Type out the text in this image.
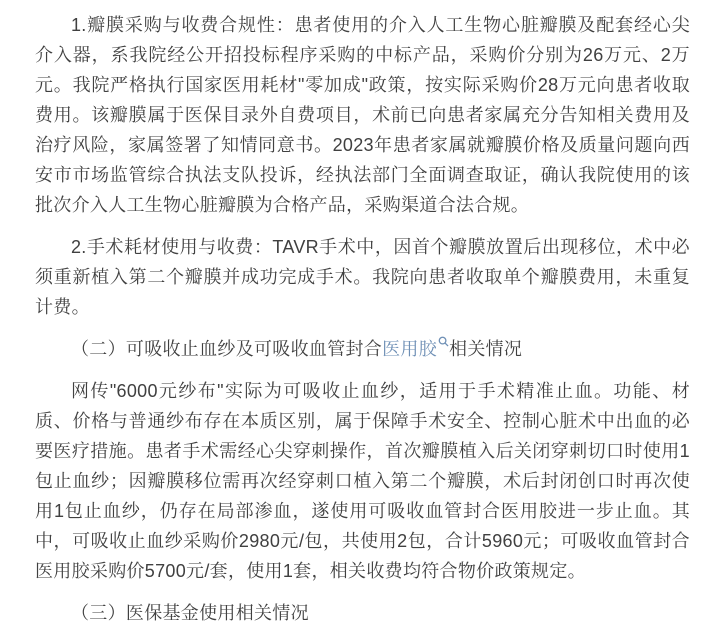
1.瓣膜采购与收费合规性：患者使用的介入人工生物心脏瓣膜及配套经心尖介入器，系我院经公开招投标程序采购的中标产品，采购价分别为26万元、2万元。我院严格执行国家医用耗材"零加成"政策，按实际采购价28万元向患者收取费用。该瓣膜属于医保目录外自费项目，术前已向患者家属充分告知相关费用及治疗风险，家属签署了知情同意书。2023年患者家属就瓣膜价格及质量问题向西安市市场监管综合执法支队投诉，经执法部门全面调查取证，确认我院使用的该批次介入人工生物心脏瓣膜为合格产品，采购渠道合法合规。

2.手术耗材使用与收费：TAVR手术中，因首个瓣膜放置后出现移位，术中必须重新植入第二个瓣膜并成功完成手术。我院向患者收取单个瓣膜费用，未重复计费。

（二）可吸收止血纱及可吸收血管封合医用胶 相关情况

网传"6000元纱布"实际为可吸收止血纱，适用于手术精准止血。功能、材质、价格与普通纱布存在本质区别，属于保障手术安全、控制心脏术中出血的必要医疗措施。患者手术需经心尖穿刺操作，首次瓣膜植入后关闭穿刺切口时使用1包止血纱；因瓣膜移位需再次经穿刺口植入第二个瓣膜，术后封闭创口时再次使用1包止血纱，仍存在局部渗血，遂使用可吸收血管封合医用胶进一步止血。其中，可吸收止血纱采购价2980元/包，共使用2包，合计5960元；可吸收血管封合医用胶采购价5700元/套，使用1套，相关收费均符合物价政策规定。

（三）医保基金使用相关情况
